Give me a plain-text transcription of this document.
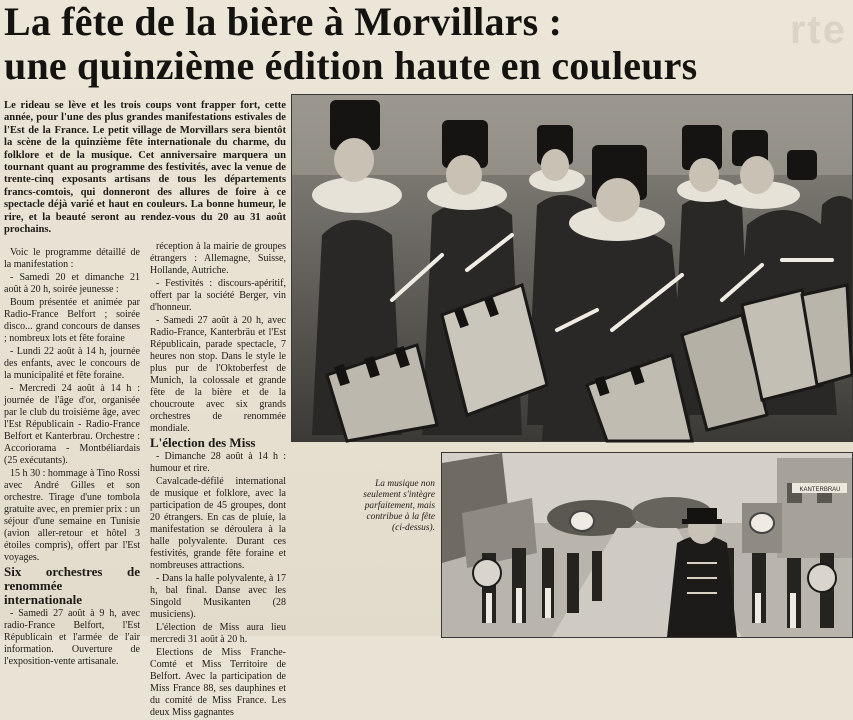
rte
La fête de la bière à Morvillars :
une quinzième édition haute en couleurs
Le rideau se lève et les trois coups vont frapper fort, cette année, pour l'une des plus grandes manifestations estivales de l'Est de la France. Le petit village de Morvillars sera bientôt la scène de la quinzième fête internationale du charme, du folklore et de la musique. Cet anniversaire marquera un tournant quant au programme des festivités, avec la venue de trente-cinq exposants artisans de tous les départements francs-comtois, qui donneront des allures de foire à ce spectacle déjà varié et haut en couleurs. La bonne humeur, le rire, et la beauté seront au rendez-vous du 20 au 31 août prochains.

Voic le programme détaillé de la manifestation :

- Samedi 20 et dimanche 21 août à 20 h, soirée jeunesse :

Boum présentée et animée par Radio-France Belfort ; soirée disco... grand concours de danses ; nombreux lots et fête foraine

- Lundi 22 août à 14 h, journée des enfants, avec le concours de la municipalité et fête foraine.

- Mercredi 24 août à 14 h : journée de l'âge d'or, organisée par le club du troisième âge, avec l'Est Républicain - Radio-France Belfort et Kanterbrau. Orchestre : Accoriorama - Montbéliardais (25 exécutants).

15 h 30 : hommage à Tino Rossi avec André Gilles et son orchestre. Tirage d'une tombola gratuite avec, en premier prix : un séjour d'une semaine en Tunisie (avion aller-retour et hôtel 3 étoiles compris), offert par l'Est voyages.

Six orchestres de renommée internationale

- Samedi 27 août à 9 h, avec radio-France Belfort, l'Est Républicain et l'armée de l'air information. Ouverture de l'exposition-vente artisanale.

réception à la mairie de groupes étrangers : Allemagne, Suisse, Hollande, Autriche.

- Festivités : discours-apéritif, offert par la société Berger, vin d'honneur.

- Samedi 27 août à 20 h, avec Radio-France, Kanterbräu et l'Est Républicain, parade spectacle, 7 heures non stop. Dans le style le plus pur de l'Oktoberfest de Munich, la colossale et grande fête de la bière et de la choucroute avec six grands orchestres de renommée mondiale.

L'élection des Miss

- Dimanche 28 août à 14 h : humour et rire.

Cavalcade-défilé international de musique et folklore, avec la participation de 45 groupes, dont 20 étrangers. En cas de pluie, la manifestation se déroulera à la halle polyvalente. Durant ces festivités, grande fête foraine et nombreuses attractions.

- Dans la halle polyvalente, à 17 h, bal final. Danse avec les Singold Musikanten (28 musiciens).

L'élection de Miss aura lieu mercredi 31 août à 20 h.

Elections de Miss Franche-Comté et Miss Territoire de Belfort. Avec la participation de Miss France 88, ses dauphines et du comité de Miss France. Les deux Miss gagnantes

La musique non seulement s'intègre parfaitement, mais contribue à la fête (ci-dessus).
KANTERBRAU
